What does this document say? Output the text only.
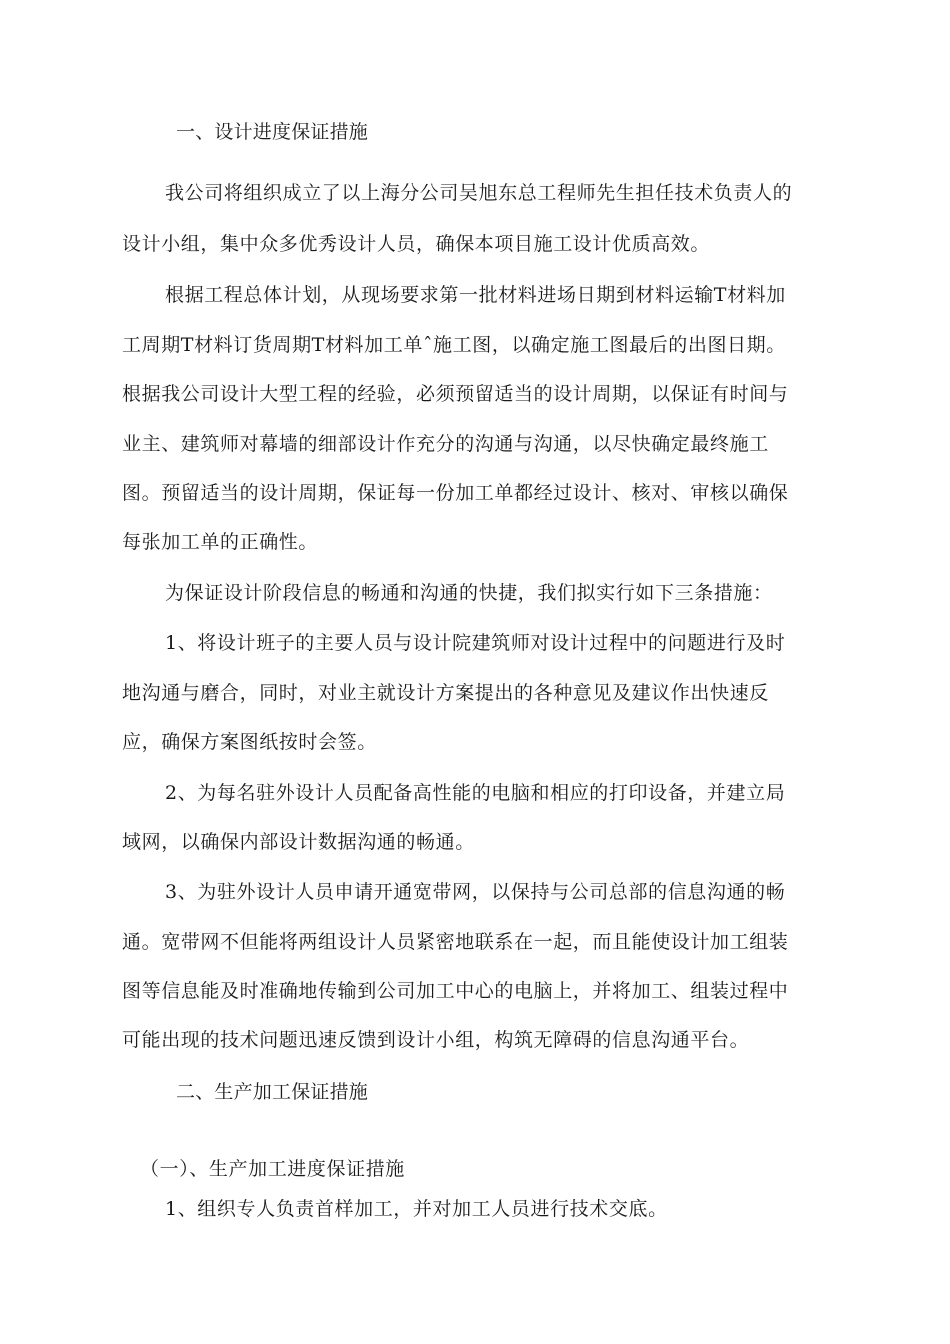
一、设计进度保证措施
我公司将组织成立了以上海分公司吴旭东总工程师先生担任技术负责人的
设计小组，集中众多优秀设计人员，确保本项目施工设计优质高效。
根据工程总体计划，从现场要求第一批材料进场日期到材料运输T材料加
工周期T材料订货周期T材料加工单ˆ施工图，以确定施工图最后的出图日期。
根据我公司设计大型工程的经验，必须预留适当的设计周期，以保证有时间与
业主、建筑师对幕墙的细部设计作充分的沟通与沟通，以尽快确定最终施工
图。预留适当的设计周期，保证每一份加工单都经过设计、核对、审核以确保
每张加工单的正确性。
为保证设计阶段信息的畅通和沟通的快捷，我们拟实行如下三条措施：
1、将设计班子的主要人员与设计院建筑师对设计过程中的问题进行及时
地沟通与磨合，同时，对业主就设计方案提出的各种意见及建议作出快速反
应，确保方案图纸按时会签。
2、为每名驻外设计人员配备高性能的电脑和相应的打印设备，并建立局
域网，以确保内部设计数据沟通的畅通。
3、为驻外设计人员申请开通宽带网，以保持与公司总部的信息沟通的畅
通。宽带网不但能将两组设计人员紧密地联系在一起，而且能使设计加工组装
图等信息能及时准确地传输到公司加工中心的电脑上，并将加工、组装过程中
可能出现的技术问题迅速反馈到设计小组，构筑无障碍的信息沟通平台。
二、生产加工保证措施
（一）、生产加工进度保证措施
1、组织专人负责首样加工，并对加工人员进行技术交底。
